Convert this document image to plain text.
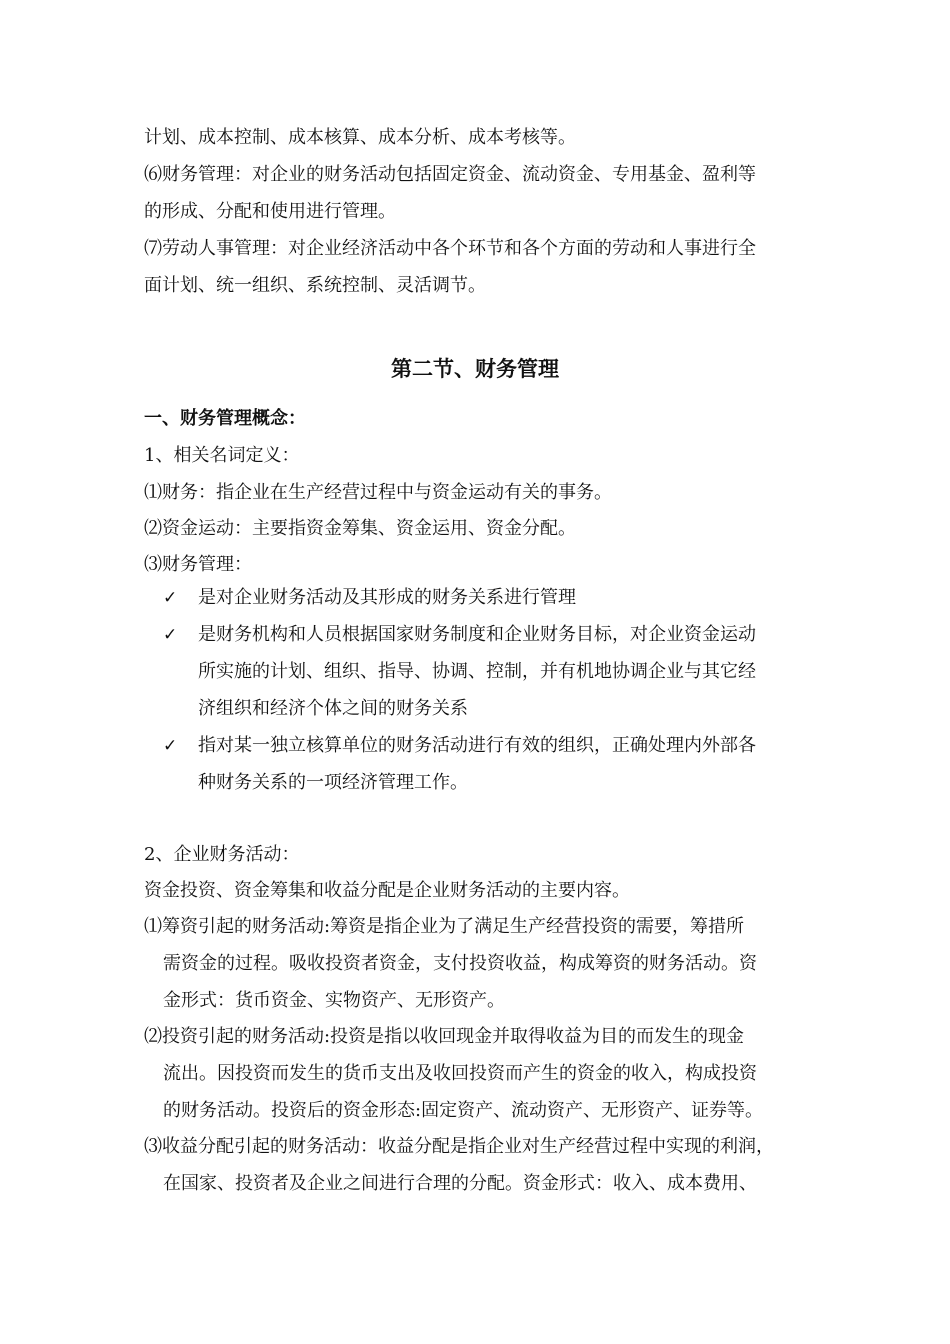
计划、成本控制、成本核算、成本分析、成本考核等。
⑹财务管理：对企业的财务活动包括固定资金、流动资金、专用基金、盈利等
的形成、分配和使用进行管理。
⑺劳动人事管理：对企业经济活动中各个环节和各个方面的劳动和人事进行全
面计划、统一组织、系统控制、灵活调节。
第二节、财务管理
一、财务管理概念：
1、相关名词定义：
⑴财务：指企业在生产经营过程中与资金运动有关的事务。
⑵资金运动：主要指资金筹集、资金运用、资金分配。
⑶财务管理：
✓ 是对企业财务活动及其形成的财务关系进行管理
✓ 是财务机构和人员根据国家财务制度和企业财务目标，对企业资金运动
所实施的计划、组织、指导、协调、控制，并有机地协调企业与其它经
济组织和经济个体之间的财务关系
✓ 指对某一独立核算单位的财务活动进行有效的组织，正确处理内外部各
种财务关系的一项经济管理工作。
2、企业财务活动：
资金投资、资金筹集和收益分配是企业财务活动的主要内容。
⑴筹资引起的财务活动:筹资是指企业为了满足生产经营投资的需要，筹措所
需资金的过程。吸收投资者资金，支付投资收益，构成筹资的财务活动。资
金形式：货币资金、实物资产、无形资产。
⑵投资引起的财务活动:投资是指以收回现金并取得收益为目的而发生的现金
流出。因投资而发生的货币支出及收回投资而产生的资金的收入，构成投资
的财务活动。投资后的资金形态:固定资产、流动资产、无形资产、证券等。
⑶收益分配引起的财务活动：收益分配是指企业对生产经营过程中实现的利润，
在国家、投资者及企业之间进行合理的分配。资金形式：收入、成本费用、
